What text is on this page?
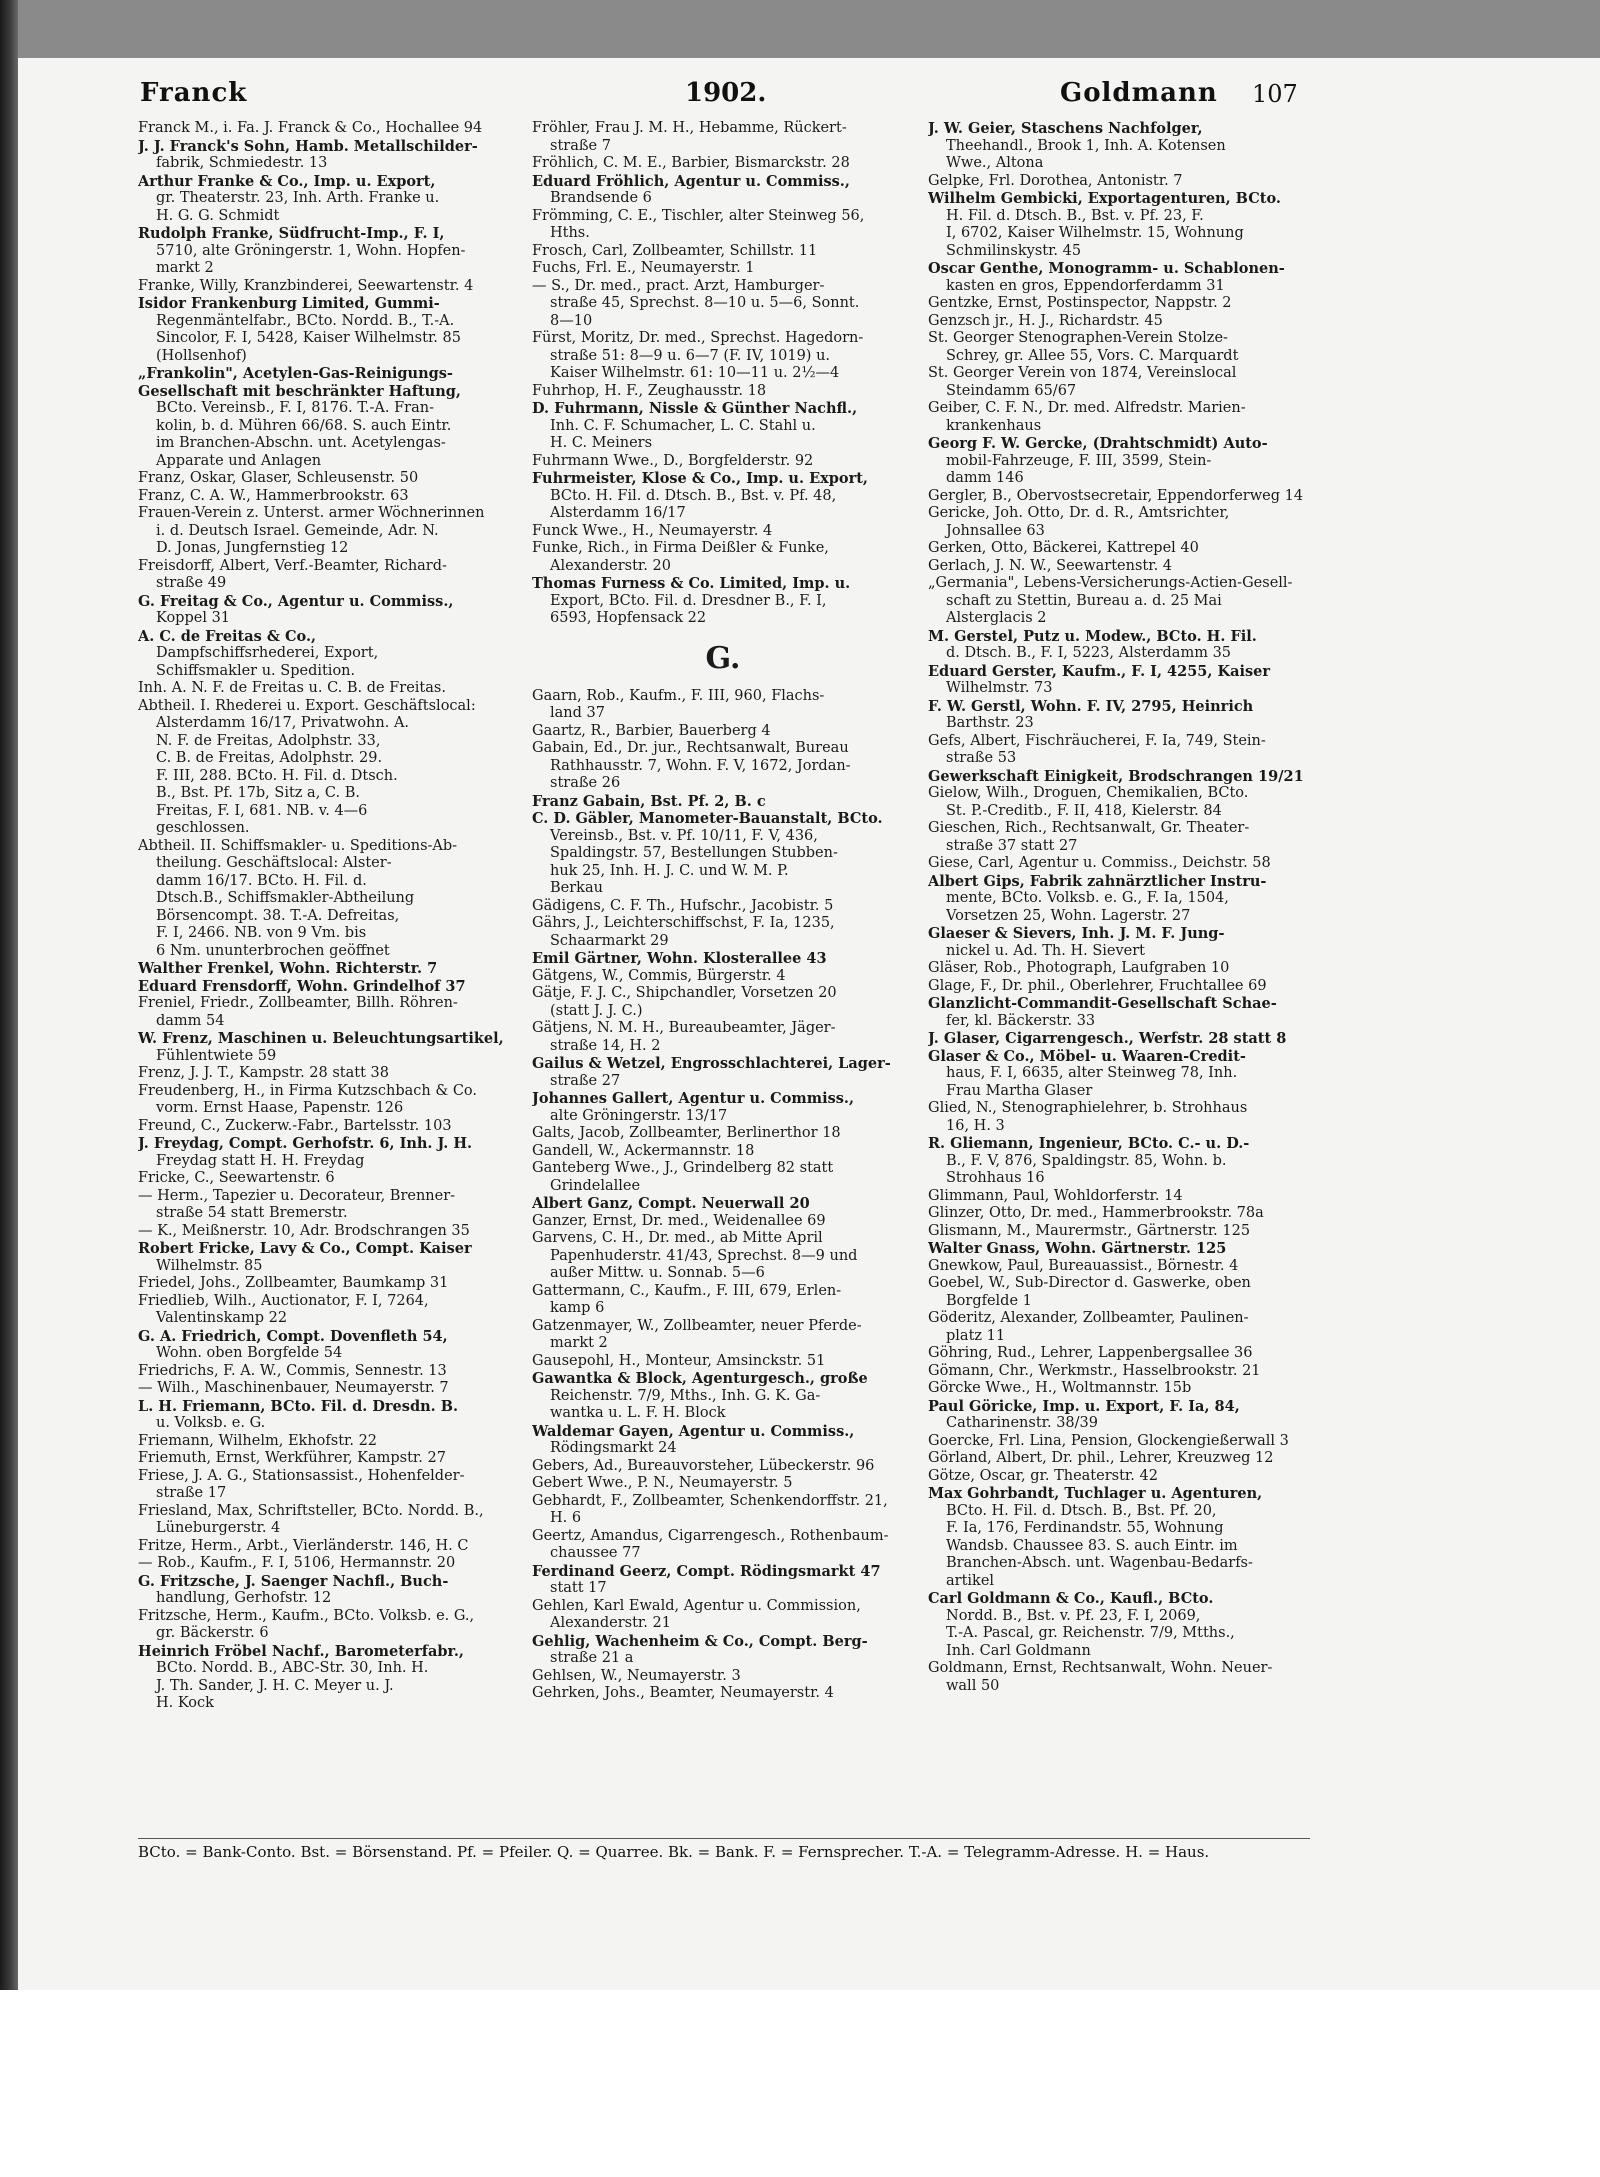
Franck	1902.	Goldmann 107
Franck M., i. Fa. J. Franck & Co., Hochallee 94
J. J. Franck's Sohn, Hamb. Metallschilder-
fabrik, Schmiedestr. 13
Arthur Franke & Co., Imp. u. Export,
gr. Theaterstr. 23, Inh. Arth. Franke u.
H. G. G. Schmidt
Rudolph Franke, Südfrucht-Imp., F. I,
5710, alte Gröningerstr. 1, Wohn. Hopfen-
markt 2
Franke, Willy, Kranzbinderei, Seewartenstr. 4
Isidor Frankenburg Limited, Gummi-
Regenmäntelfabr., BCto. Nordd. B., T.-A.
Sincolor, F. I, 5428, Kaiser Wilhelmstr. 85
(Hollsenhof)
„Frankolin", Acetylen-Gas-Reinigungs-
Gesellschaft mit beschränkter Haftung,
BCto. Vereinsb., F. I, 8176. T.-A. Fran-
kolin, b. d. Mühren 66/68. S. auch Eintr.
im Branchen-Abschn. unt. Acetylengas-
Apparate und Anlagen
Franz, Oskar, Glaser, Schleusenstr. 50
Franz, C. A. W., Hammerbrookstr. 63
Frauen-Verein z. Unterst. armer Wöchnerinnen
i. d. Deutsch Israel. Gemeinde, Adr. N.
D. Jonas, Jungfernstieg 12
Freisdorff, Albert, Verf.-Beamter, Richard-
straße 49
G. Freitag & Co., Agentur u. Commiss.,
Koppel 31
A. C. de Freitas & Co.,
Dampfschiffsrhederei, Export,
Schiffsmakler u. Spedition.
Inh. A. N. F. de Freitas u. C. B. de Freitas.
Abtheil. I. Rhederei u. Export. Geschäftslocal:
Alsterdamm 16/17, Privatwohn. A.
N. F. de Freitas, Adolphstr. 33,
C. B. de Freitas, Adolphstr. 29.
F. III, 288. BCto. H. Fil. d. Dtsch.
B., Bst. Pf. 17b, Sitz a, C. B.
Freitas, F. I, 681. NB. v. 4—6
geschlossen.
Abtheil. II. Schiffsmakler- u. Speditions-Ab-
theilung. Geschäftslocal: Alster-
damm 16/17. BCto. H. Fil. d.
Dtsch.B., Schiffsmakler-Abtheilung
Börsencompt. 38. T.-A. Defreitas,
F. I, 2466. NB. von 9 Vm. bis
6 Nm. ununterbrochen geöffnet
Walther Frenkel, Wohn. Richterstr. 7
Eduard Frensdorff, Wohn. Grindelhof 37
Freniel, Friedr., Zollbeamter, Billh. Röhren-
damm 54
W. Frenz, Maschinen u. Beleuchtungsartikel,
Fühlentwiete 59
Frenz, J. J. T., Kampstr. 28 statt 38
Freudenberg, H., in Firma Kutzschbach & Co.
vorm. Ernst Haase, Papenstr. 126
Freund, C., Zuckerw.-Fabr., Bartelsstr. 103
J. Freydag, Compt. Gerhofstr. 6, Inh. J. H.
Freydag statt H. H. Freydag
Fricke, C., Seewartenstr. 6
— Herm., Tapezier u. Decorateur, Brenner-
straße 54 statt Bremerstr.
— K., Meißnerstr. 10, Adr. Brodschrangen 35
Robert Fricke, Lavy & Co., Compt. Kaiser
Wilhelmstr. 85
Friedel, Johs., Zollbeamter, Baumkamp 31
Friedlieb, Wilh., Auctionator, F. I, 7264,
Valentinskamp 22
G. A. Friedrich, Compt. Dovenfleth 54,
Wohn. oben Borgfelde 54
Friedrichs, F. A. W., Commis, Sennestr. 13
— Wilh., Maschinenbauer, Neumayerstr. 7
L. H. Friemann, BCto. Fil. d. Dresdn. B.
u. Volksb. e. G.
Friemann, Wilhelm, Ekhofstr. 22
Friemuth, Ernst, Werkführer, Kampstr. 27
Friese, J. A. G., Stationsassist., Hohenfelder-
straße 17
Friesland, Max, Schriftsteller, BCto. Nordd. B.,
Lüneburgerstr. 4
Fritze, Herm., Arbt., Vierländerstr. 146, H. C
— Rob., Kaufm., F. I, 5106, Hermannstr. 20
G. Fritzsche, J. Saenger Nachfl., Buch-
handlung, Gerhofstr. 12
Fritzsche, Herm., Kaufm., BCto. Volksb. e. G.,
gr. Bäckerstr. 6
Heinrich Fröbel Nachf., Barometerfabr.,
BCto. Nordd. B., ABC-Str. 30, Inh. H.
J. Th. Sander, J. H. C. Meyer u. J.
H. Kock
Fröhler, Frau J. M. H., Hebamme, Rückert-
straße 7
Fröhlich, C. M. E., Barbier, Bismarckstr. 28
Eduard Fröhlich, Agentur u. Commiss.,
Brandsende 6
Frömming, C. E., Tischler, alter Steinweg 56,
Hths.
Frosch, Carl, Zollbeamter, Schillstr. 11
Fuchs, Frl. E., Neumayerstr. 1
— S., Dr. med., pract. Arzt, Hamburger-
straße 45, Sprechst. 8—10 u. 5—6, Sonnt.
8—10
Fürst, Moritz, Dr. med., Sprechst. Hagedorn-
straße 51: 8—9 u. 6—7 (F. IV, 1019) u.
Kaiser Wilhelmstr. 61: 10—11 u. 2½—4
Fuhrhop, H. F., Zeughausstr. 18
D. Fuhrmann, Nissle & Günther Nachfl.,
Inh. C. F. Schumacher, L. C. Stahl u.
H. C. Meiners
Fuhrmann Wwe., D., Borgfelderstr. 92
Fuhrmeister, Klose & Co., Imp. u. Export,
BCto. H. Fil. d. Dtsch. B., Bst. v. Pf. 48,
Alsterdamm 16/17
Funck Wwe., H., Neumayerstr. 4
Funke, Rich., in Firma Deißler & Funke,
Alexanderstr. 20
Thomas Furness & Co. Limited, Imp. u.
Export, BCto. Fil. d. Dresdner B., F. I,
6593, Hopfensack 22
G.
Gaarn, Rob., Kaufm., F. III, 960, Flachs-
land 37
Gaartz, R., Barbier, Bauerberg 4
Gabain, Ed., Dr. jur., Rechtsanwalt, Bureau
Rathhausstr. 7, Wohn. F. V, 1672, Jordan-
straße 26
Franz Gabain, Bst. Pf. 2, B. c
C. D. Gäbler, Manometer-Bauanstalt, BCto.
Vereinsb., Bst. v. Pf. 10/11, F. V, 436,
Spaldingstr. 57, Bestellungen Stubben-
huk 25, Inh. H. J. C. und W. M. P.
Berkau
Gädigens, C. F. Th., Hufschr., Jacobistr. 5
Gährs, J., Leichterschiffschst, F. Ia, 1235,
Schaarmarkt 29
Emil Gärtner, Wohn. Klosterallee 43
Gätgens, W., Commis, Bürgerstr. 4
Gätje, F. J. C., Shipchandler, Vorsetzen 20
(statt J. J. C.)
Gätjens, N. M. H., Bureaubeamter, Jäger-
straße 14, H. 2
Gailus & Wetzel, Engrosschlachterei, Lager-
straße 27
Johannes Gallert, Agentur u. Commiss.,
alte Gröningerstr. 13/17
Galts, Jacob, Zollbeamter, Berlinerthor 18
Gandell, W., Ackermannstr. 18
Ganteberg Wwe., J., Grindelberg 82 statt
Grindelallee
Albert Ganz, Compt. Neuerwall 20
Ganzer, Ernst, Dr. med., Weidenallee 69
Garvens, C. H., Dr. med., ab Mitte April
Papenhuderstr. 41/43, Sprechst. 8—9 und
außer Mittw. u. Sonnab. 5—6
Gattermann, C., Kaufm., F. III, 679, Erlen-
kamp 6
Gatzenmayer, W., Zollbeamter, neuer Pferde-
markt 2
Gausepohl, H., Monteur, Amsinckstr. 51
Gawantka & Block, Agenturgesch., große
Reichenstr. 7/9, Mths., Inh. G. K. Ga-
wantka u. L. F. H. Block
Waldemar Gayen, Agentur u. Commiss.,
Rödingsmarkt 24
Gebers, Ad., Bureauvorsteher, Lübeckerstr. 96
Gebert Wwe., P. N., Neumayerstr. 5
Gebhardt, F., Zollbeamter, Schenkendorffstr. 21,
H. 6
Geertz, Amandus, Cigarrengesch., Rothenbaum-
chaussee 77
Ferdinand Geerz, Compt. Rödingsmarkt 47
statt 17
Gehlen, Karl Ewald, Agentur u. Commission,
Alexanderstr. 21
Gehlig, Wachenheim & Co., Compt. Berg-
straße 21 a
Gehlsen, W., Neumayerstr. 3
Gehrken, Johs., Beamter, Neumayerstr. 4
J. W. Geier, Staschens Nachfolger,
Theehandl., Brook 1, Inh. A. Kotensen
Wwe., Altona
Gelpke, Frl. Dorothea, Antonistr. 7
Wilhelm Gembicki, Exportagenturen, BCto.
H. Fil. d. Dtsch. B., Bst. v. Pf. 23, F.
I, 6702, Kaiser Wilhelmstr. 15, Wohnung
Schmilinskystr. 45
Oscar Genthe, Monogramm- u. Schablonen-
kasten en gros, Eppendorferdamm 31
Gentzke, Ernst, Postinspector, Nappstr. 2
Genzsch jr., H. J., Richardstr. 45
St. Georger Stenographen-Verein Stolze-
Schrey, gr. Allee 55, Vors. C. Marquardt
St. Georger Verein von 1874, Vereinslocal
Steindamm 65/67
Geiber, C. F. N., Dr. med. Alfredstr. Marien-
krankenhaus
Georg F. W. Gercke, (Drahtschmidt) Auto-
mobil-Fahrzeuge, F. III, 3599, Stein-
damm 146
Gergler, B., Obervostsecretair, Eppendorferweg 14
Gericke, Joh. Otto, Dr. d. R., Amtsrichter,
Johnsallee 63
Gerken, Otto, Bäckerei, Kattrepel 40
Gerlach, J. N. W., Seewartenstr. 4
„Germania", Lebens-Versicherungs-Actien-Gesell-
schaft zu Stettin, Bureau a. d. 25 Mai
Alsterglacis 2
M. Gerstel, Putz u. Modew., BCto. H. Fil.
d. Dtsch. B., F. I, 5223, Alsterdamm 35
Eduard Gerster, Kaufm., F. I, 4255, Kaiser
Wilhelmstr. 73
F. W. Gerstl, Wohn. F. IV, 2795, Heinrich
Barthstr. 23
Gefs, Albert, Fischräucherei, F. Ia, 749, Stein-
straße 53
Gewerkschaft Einigkeit, Brodschrangen 19/21
Gielow, Wilh., Droguen, Chemikalien, BCto.
St. P.-Creditb., F. II, 418, Kielerstr. 84
Gieschen, Rich., Rechtsanwalt, Gr. Theater-
straße 37 statt 27
Giese, Carl, Agentur u. Commiss., Deichstr. 58
Albert Gips, Fabrik zahnärztlicher Instru-
mente, BCto. Volksb. e. G., F. Ia, 1504,
Vorsetzen 25, Wohn. Lagerstr. 27
Glaeser & Sievers, Inh. J. M. F. Jung-
nickel u. Ad. Th. H. Sievert
Gläser, Rob., Photograph, Laufgraben 10
Glage, F., Dr. phil., Oberlehrer, Fruchtallee 69
Glanzlicht-Commandit-Gesellschaft Schae-
fer, kl. Bäckerstr. 33
J. Glaser, Cigarrengesch., Werfstr. 28 statt 8
Glaser & Co., Möbel- u. Waaren-Credit-
haus, F. I, 6635, alter Steinweg 78, Inh.
Frau Martha Glaser
Glied, N., Stenographielehrer, b. Strohhaus
16, H. 3
R. Gliemann, Ingenieur, BCto. C.- u. D.-
B., F. V, 876, Spaldingstr. 85, Wohn. b.
Strohhaus 16
Glimmann, Paul, Wohldorferstr. 14
Glinzer, Otto, Dr. med., Hammerbrookstr. 78a
Glismann, M., Maurermstr., Gärtnerstr. 125
Walter Gnass, Wohn. Gärtnerstr. 125
Gnewkow, Paul, Bureauassist., Börnestr. 4
Goebel, W., Sub-Director d. Gaswerke, oben
Borgfelde 1
Göderitz, Alexander, Zollbeamter, Paulinen-
platz 11
Göhring, Rud., Lehrer, Lappenbergsallee 36
Gömann, Chr., Werkmstr., Hasselbrookstr. 21
Görcke Wwe., H., Woltmannstr. 15b
Paul Göricke, Imp. u. Export, F. Ia, 84,
Catharinenstr. 38/39
Goercke, Frl. Lina, Pension, Glockengießerwall 3
Görland, Albert, Dr. phil., Lehrer, Kreuzweg 12
Götze, Oscar, gr. Theaterstr. 42
Max Gohrbandt, Tuchlager u. Agenturen,
BCto. H. Fil. d. Dtsch. B., Bst. Pf. 20,
F. Ia, 176, Ferdinandstr. 55, Wohnung
Wandsb. Chaussee 83. S. auch Eintr. im
Branchen-Absch. unt. Wagenbau-Bedarfs-
artikel
Carl Goldmann & Co., Kaufl., BCto.
Nordd. B., Bst. v. Pf. 23, F. I, 2069,
T.-A. Pascal, gr. Reichenstr. 7/9, Mtths.,
Inh. Carl Goldmann
Goldmann, Ernst, Rechtsanwalt, Wohn. Neuer-
wall 50
BCto. = Bank-Conto. Bst. = Börsenstand. Pf. = Pfeiler. Q. = Quarree. Bk. = Bank. F. = Fernsprecher. T.-A. = Telegramm-Adresse. H. = Haus.
